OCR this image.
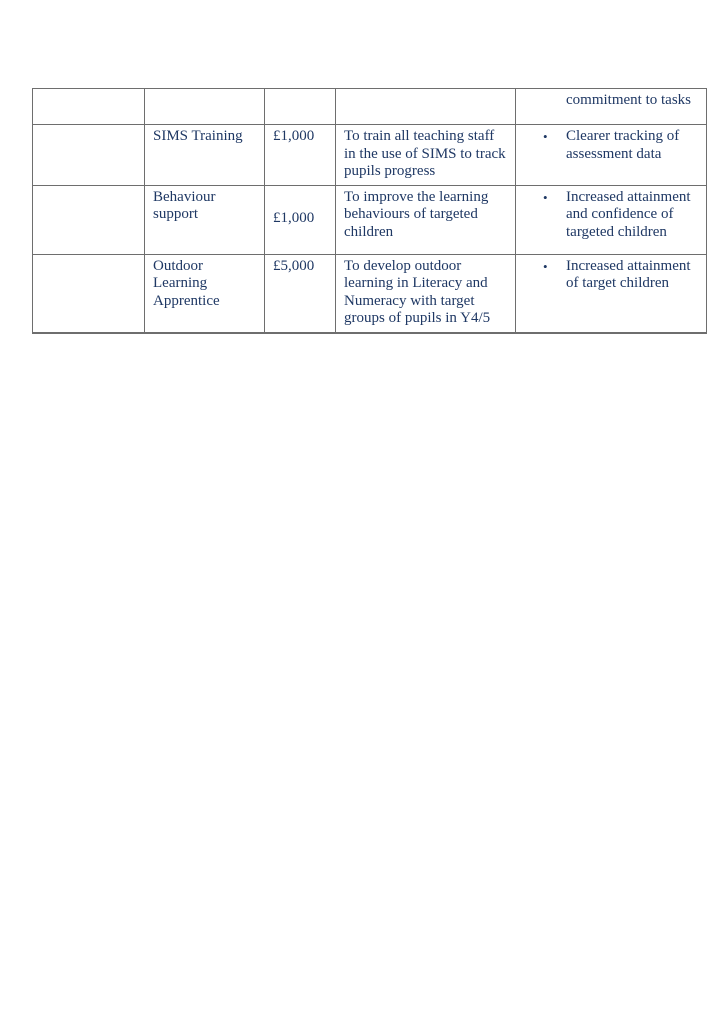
				commitment to tasks

	SIMS Training	£1,000	To train all teaching staff in the use of SIMS to track pupils progress	• Clearer tracking of assessment data

	Behaviour support	£1,000	To improve the learning behaviours of targeted children	• Increased attainment and confidence of targeted children

	Outdoor Learning Apprentice	£5,000	To develop outdoor learning in Literacy and Numeracy with target groups of pupils in Y4/5	• Increased attainment of target children
